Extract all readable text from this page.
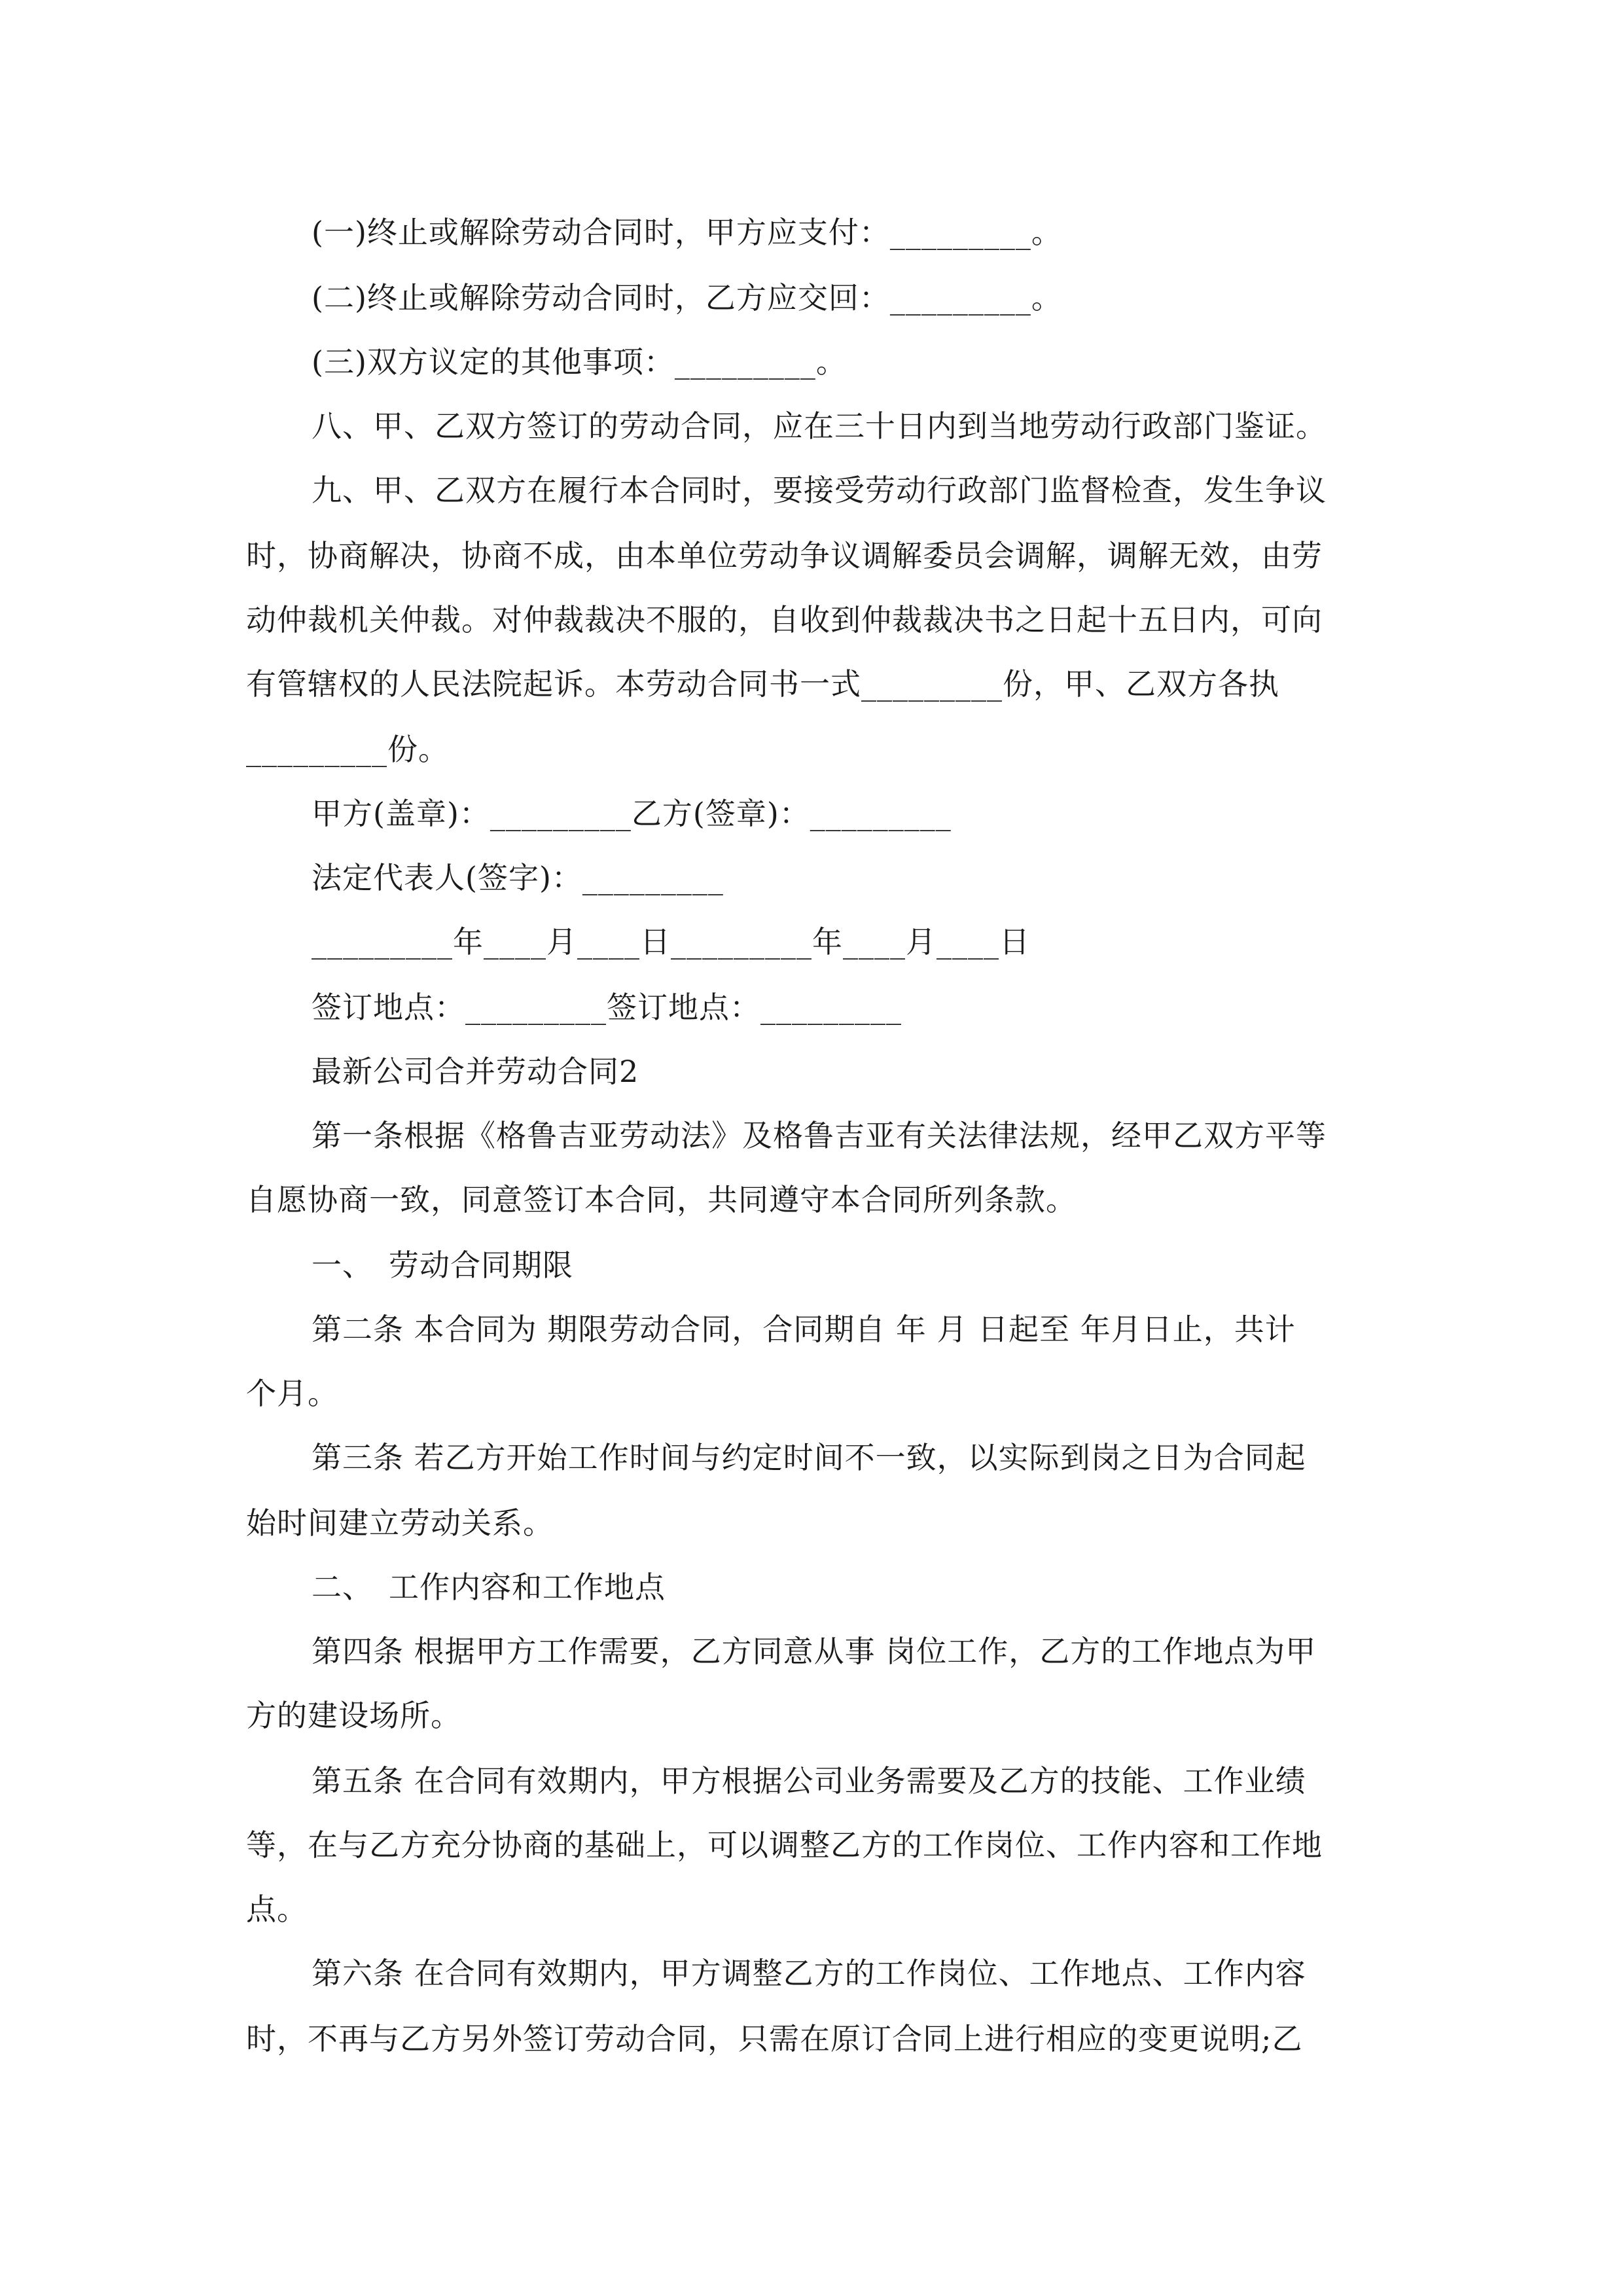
(一)终止或解除劳动合同时，甲方应支付：_________。
(二)终止或解除劳动合同时，乙方应交回：_________。
(三)双方议定的其他事项：_________。
八、甲、乙双方签订的劳动合同，应在三十日内到当地劳动行政部门鉴证。
九、甲、乙双方在履行本合同时，要接受劳动行政部门监督检查，发生争议
时，协商解决，协商不成，由本单位劳动争议调解委员会调解，调解无效，由劳
动仲裁机关仲裁。对仲裁裁决不服的，自收到仲裁裁决书之日起十五日内，可向
有管辖权的人民法院起诉。本劳动合同书一式_________份，甲、乙双方各执
_________份。
甲方(盖章)：_________乙方(签章)：_________
法定代表人(签字)：_________
_________年____月____日_________年____月____日
签订地点：_________签订地点：_________
最新公司合并劳动合同2
第一条根据《格鲁吉亚劳动法》及格鲁吉亚有关法律法规，经甲乙双方平等
自愿协商一致，同意签订本合同，共同遵守本合同所列条款。
一、　劳动合同期限
第二条 本合同为 期限劳动合同，合同期自 年 月 日起至 年月日止，共计
个月。
第三条 若乙方开始工作时间与约定时间不一致，以实际到岗之日为合同起
始时间建立劳动关系。
二、　工作内容和工作地点
第四条 根据甲方工作需要，乙方同意从事 岗位工作，乙方的工作地点为甲
方的建设场所。
第五条 在合同有效期内，甲方根据公司业务需要及乙方的技能、工作业绩
等，在与乙方充分协商的基础上，可以调整乙方的工作岗位、工作内容和工作地
点。
第六条 在合同有效期内，甲方调整乙方的工作岗位、工作地点、工作内容
时，不再与乙方另外签订劳动合同，只需在原订合同上进行相应的变更说明;乙
